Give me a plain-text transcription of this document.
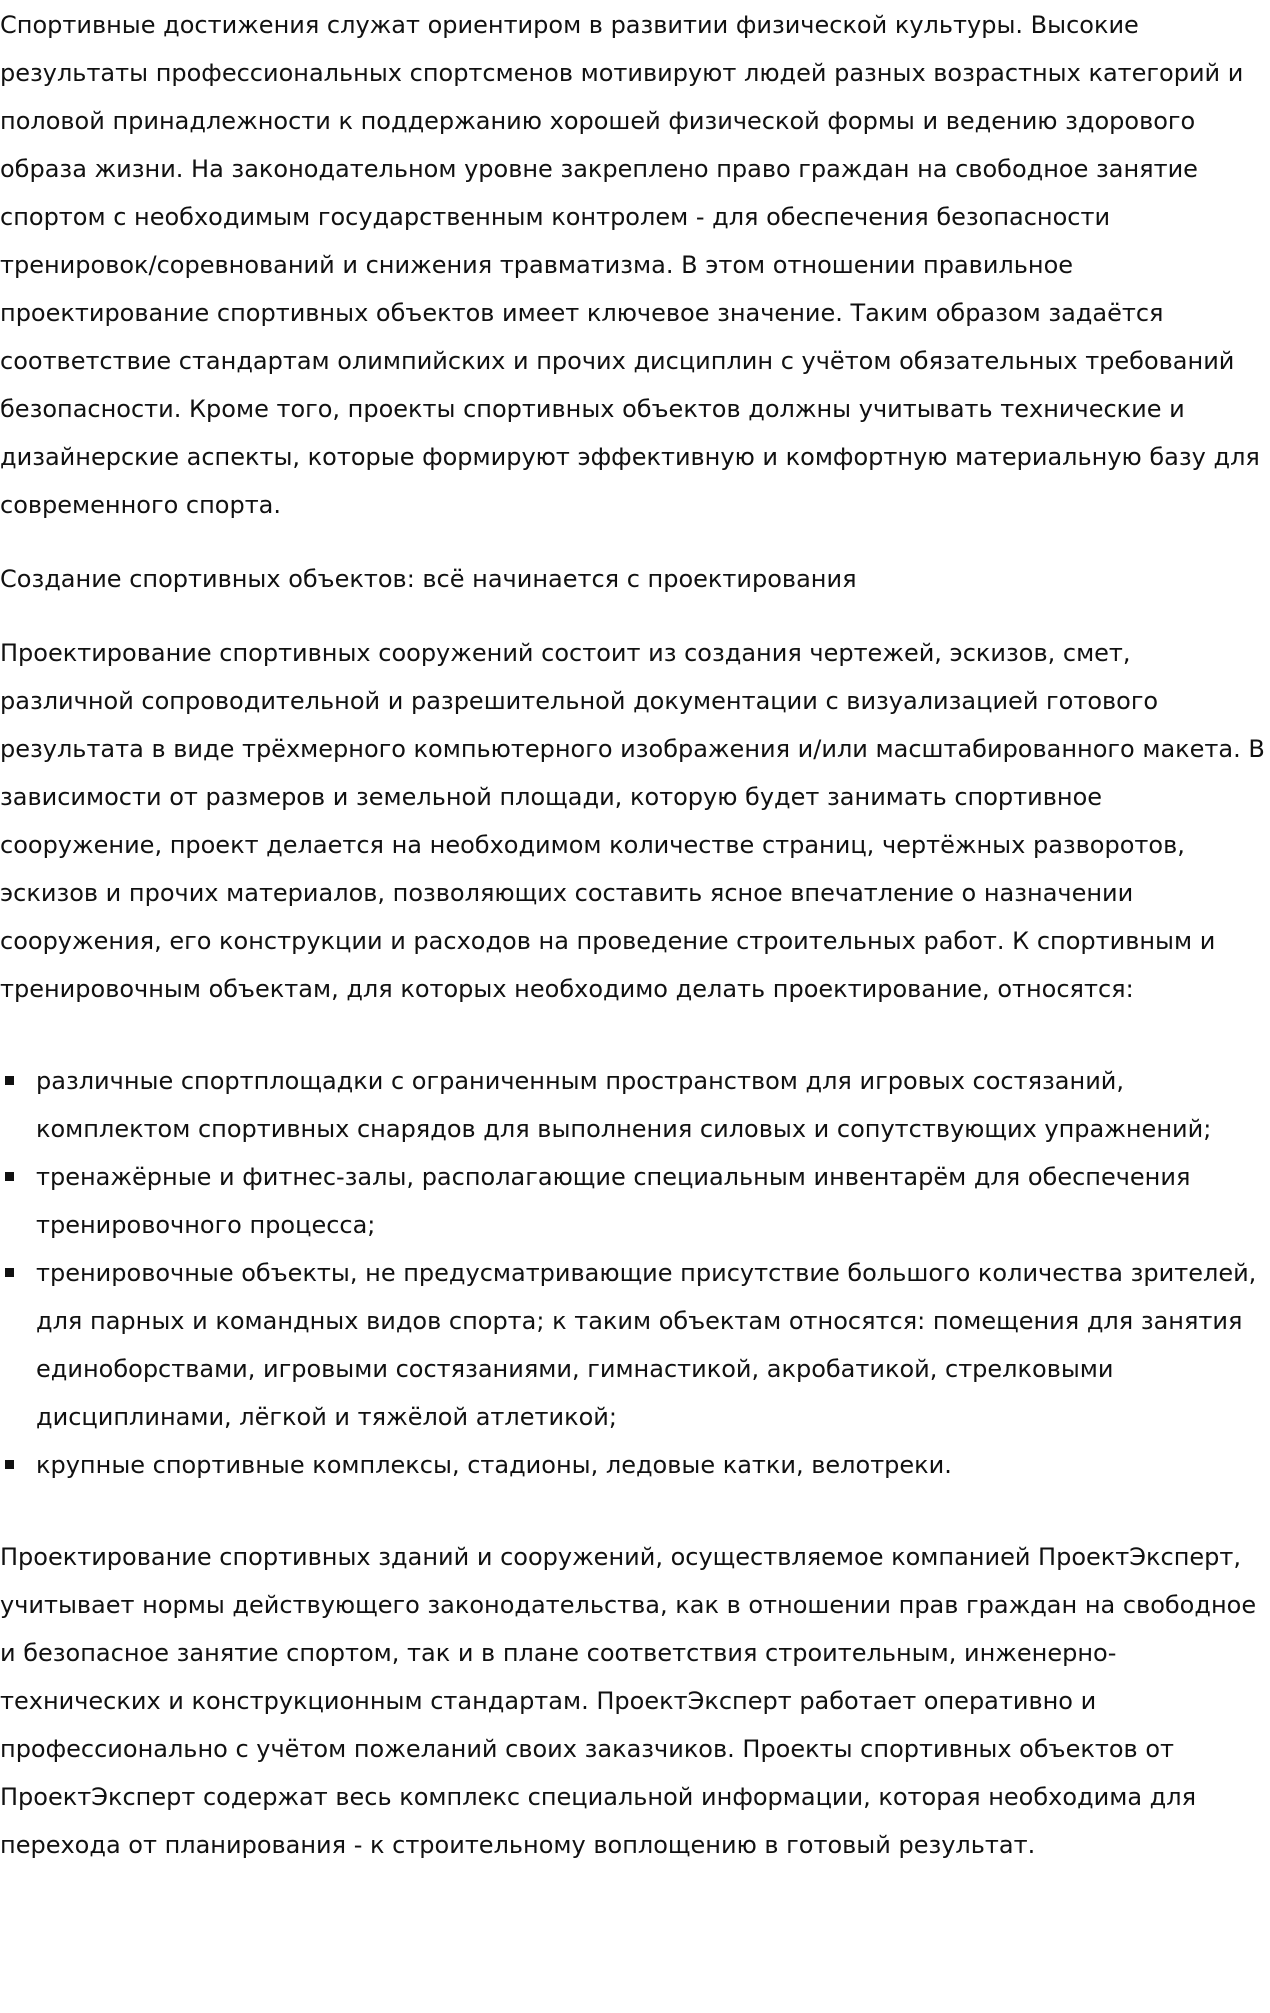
Спортивные достижения служат ориентиром в развитии физической культуры. Высокие результаты профессиональных спортсменов мотивируют людей разных возрастных категорий и половой принадлежности к поддержанию хорошей физической формы и ведению здорового образа жизни. На законодательном уровне закреплено право граждан на свободное занятие спортом с необходимым государственным контролем - для обеспечения безопасности тренировок/соревнований и снижения травматизма. В этом отношении правильное проектирование спортивных объектов имеет ключевое значение. Таким образом задаётся соответствие стандартам олимпийских и прочих дисциплин с учётом обязательных требований безопасности. Кроме того, проекты спортивных объектов должны учитывать технические и дизайнерские аспекты, которые формируют эффективную и комфортную материальную базу для современного спорта.

Создание спортивных объектов: всё начинается с проектирования

Проектирование спортивных сооружений состоит из создания чертежей, эскизов, смет, различной сопроводительной и разрешительной документации с визуализацией готового результата в виде трёхмерного компьютерного изображения и/или масштабированного макета. В зависимости от размеров и земельной площади, которую будет занимать спортивное сооружение, проект делается на необходимом количестве страниц, чертёжных разворотов, эскизов и прочих материалов, позволяющих составить ясное впечатление о назначении сооружения, его конструкции и расходов на проведение строительных работ. К спортивным и тренировочным объектам, для которых необходимо делать проектирование, относятся:

различные спортплощадки с ограниченным пространством для игровых состязаний, комплектом спортивных снарядов для выполнения силовых и сопутствующих упражнений;
тренажёрные и фитнес-залы, располагающие специальным инвентарём для обеспечения тренировочного процесса;
тренировочные объекты, не предусматривающие присутствие большого количества зрителей, для парных и командных видов спорта; к таким объектам относятся: помещения для занятия единоборствами, игровыми состязаниями, гимнастикой, акробатикой, стрелковыми дисциплинами, лёгкой и тяжёлой атлетикой;
крупные спортивные комплексы, стадионы, ледовые катки, велотреки.

Проектирование спортивных зданий и сооружений, осуществляемое компанией ПроектЭксперт, учитывает нормы действующего законодательства, как в отношении прав граждан на свободное и безопасное занятие спортом, так и в плане соответствия строительным, инженерно-технических и конструкционным стандартам. ПроектЭксперт работает оперативно и профессионально с учётом пожеланий своих заказчиков. Проекты спортивных объектов от ПроектЭксперт содержат весь комплекс специальной информации, которая необходима для перехода от планирования - к строительному воплощению в готовый результат.
